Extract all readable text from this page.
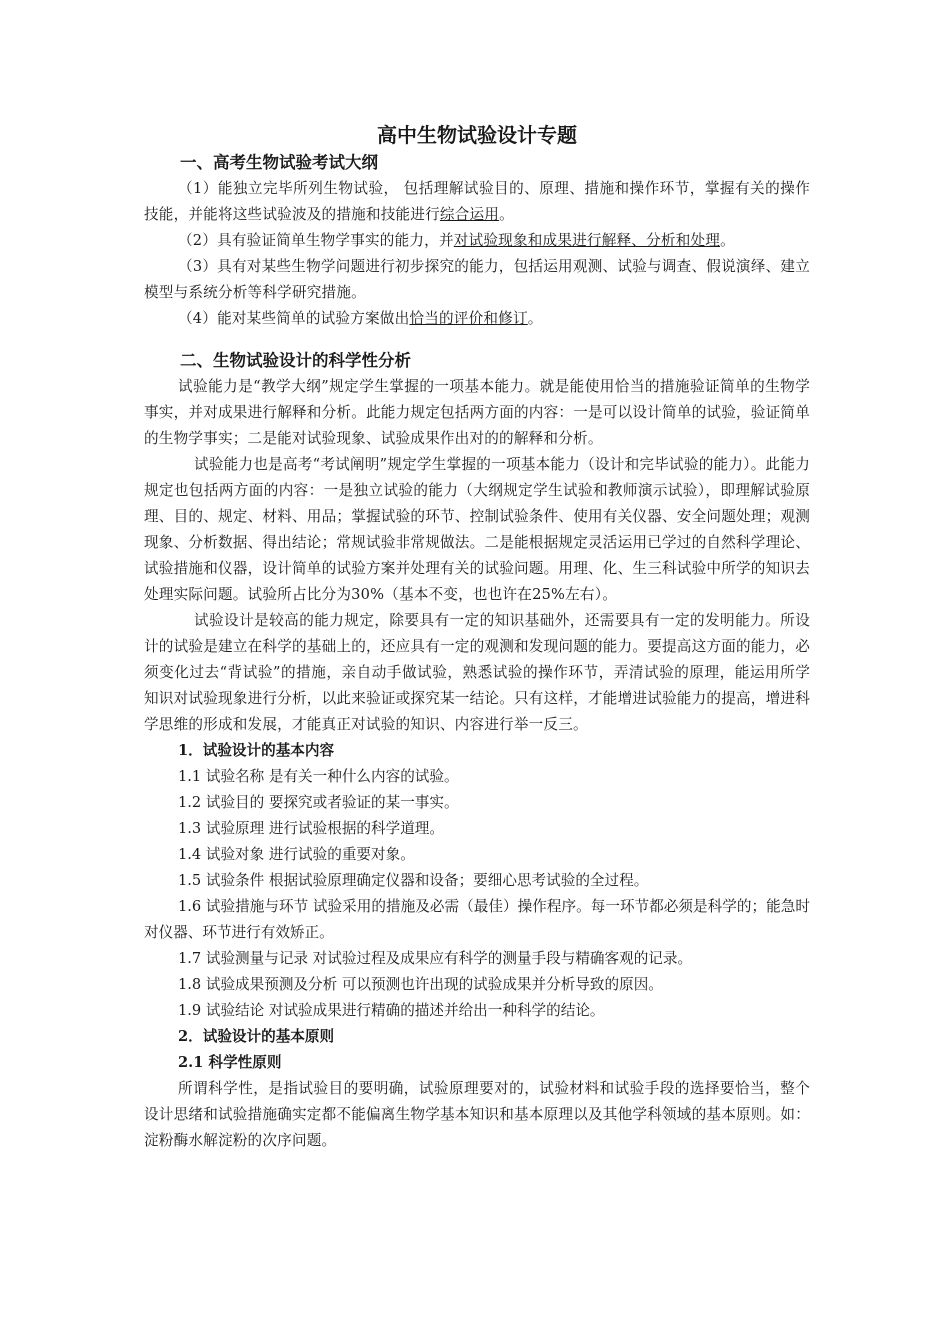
高中生物试验设计专题

一、高考生物试验考试大纲

（1）能独立完毕所列生物试验， 包括理解试验目的、原理、措施和操作环节，掌握有关的操作技能，并能将这些试验波及的措施和技能进行综合运用。

（2）具有验证简单生物学事实的能力，并对试验现象和成果进行解释、分析和处理。

（3）具有对某些生物学问题进行初步探究的能力，包括运用观测、试验与调查、假说演绎、建立模型与系统分析等科学研究措施。

（4）能对某些简单的试验方案做出恰当的评价和修订。

二、生物试验设计的科学性分析

试验能力是“教学大纲”规定学生掌握的一项基本能力。就是能使用恰当的措施验证简单的生物学事实，并对成果进行解释和分析。此能力规定包括两方面的内容：一是可以设计简单的试验，验证简单的生物学事实；二是能对试验现象、试验成果作出对的的解释和分析。

试验能力也是高考“考试阐明”规定学生掌握的一项基本能力（设计和完毕试验的能力）。此能力规定也包括两方面的内容：一是独立试验的能力（大纲规定学生试验和教师演示试验），即理解试验原理、目的、规定、材料、用品；掌握试验的环节、控制试验条件、使用有关仪器、安全问题处理；观测现象、分析数据、得出结论；常规试验非常规做法。二是能根据规定灵活运用已学过的自然科学理论、试验措施和仪器，设计简单的试验方案并处理有关的试验问题。用理、化、生三科试验中所学的知识去处理实际问题。试验所占比分为30%（基本不变，也也许在25%左右）。

试验设计是较高的能力规定，除要具有一定的知识基础外，还需要具有一定的发明能力。所设计的试验是建立在科学的基础上的，还应具有一定的观测和发现问题的能力。要提高这方面的能力，必须变化过去“背试验”的措施，亲自动手做试验，熟悉试验的操作环节，弄清试验的原理，能运用所学知识对试验现象进行分析，以此来验证或探究某一结论。只有这样，才能增进试验能力的提高，增进科学思维的形成和发展，才能真正对试验的知识、内容进行举一反三。

1．试验设计的基本内容

1.1 试验名称 是有关一种什么内容的试验。

1.2 试验目的 要探究或者验证的某一事实。

1.3 试验原理 进行试验根据的科学道理。

1.4 试验对象 进行试验的重要对象。

1.5 试验条件 根据试验原理确定仪器和设备；要细心思考试验的全过程。

1.6 试验措施与环节 试验采用的措施及必需（最佳）操作程序。每一环节都必须是科学的；能急时对仪器、环节进行有效矫正。

1.7 试验测量与记录 对试验过程及成果应有科学的测量手段与精确客观的记录。

1.8 试验成果预测及分析 可以预测也许出现的试验成果并分析导致的原因。

1.9 试验结论 对试验成果进行精确的描述并给出一种科学的结论。

2．试验设计的基本原则

2.1 科学性原则

所谓科学性，是指试验目的要明确，试验原理要对的，试验材料和试验手段的选择要恰当，整个设计思绪和试验措施确实定都不能偏离生物学基本知识和基本原理以及其他学科领域的基本原则。如：淀粉酶水解淀粉的次序问题。
